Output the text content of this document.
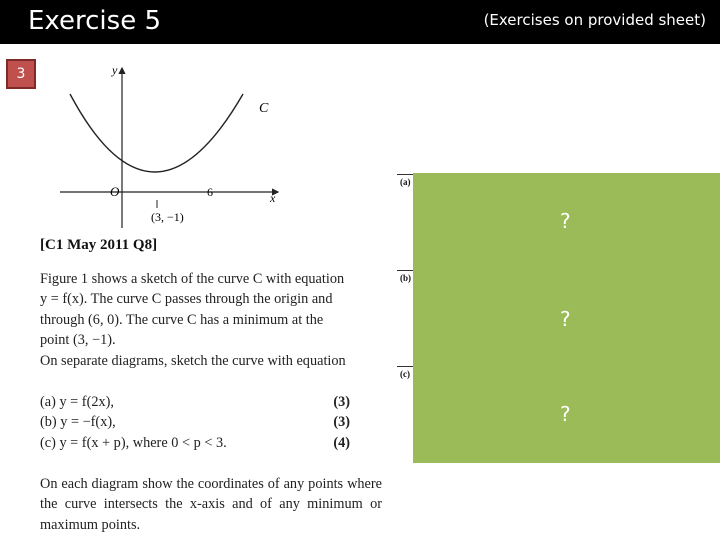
Exercise 5	(Exercises on provided sheet)
3	y
x
C
O	6
(3, −1)
[C1 May 2011 Q8]

Figure 1 shows a sketch of the curve C with equation

y = f(x). The curve C passes through the origin and

through (6, 0). The curve C has a minimum at the

point (3, −1).

On separate diagrams, sketch the curve with equation

(a) y = f(2x),	(3)
(b) y = −f(x),	(3)
(c) y = f(x + p), where 0 < p < 3.	(4)
On each diagram show the coordinates of any points where the curve intersects the x-axis and of any minimum or maximum points.
(a)
(b)
(c)
?
?
?
